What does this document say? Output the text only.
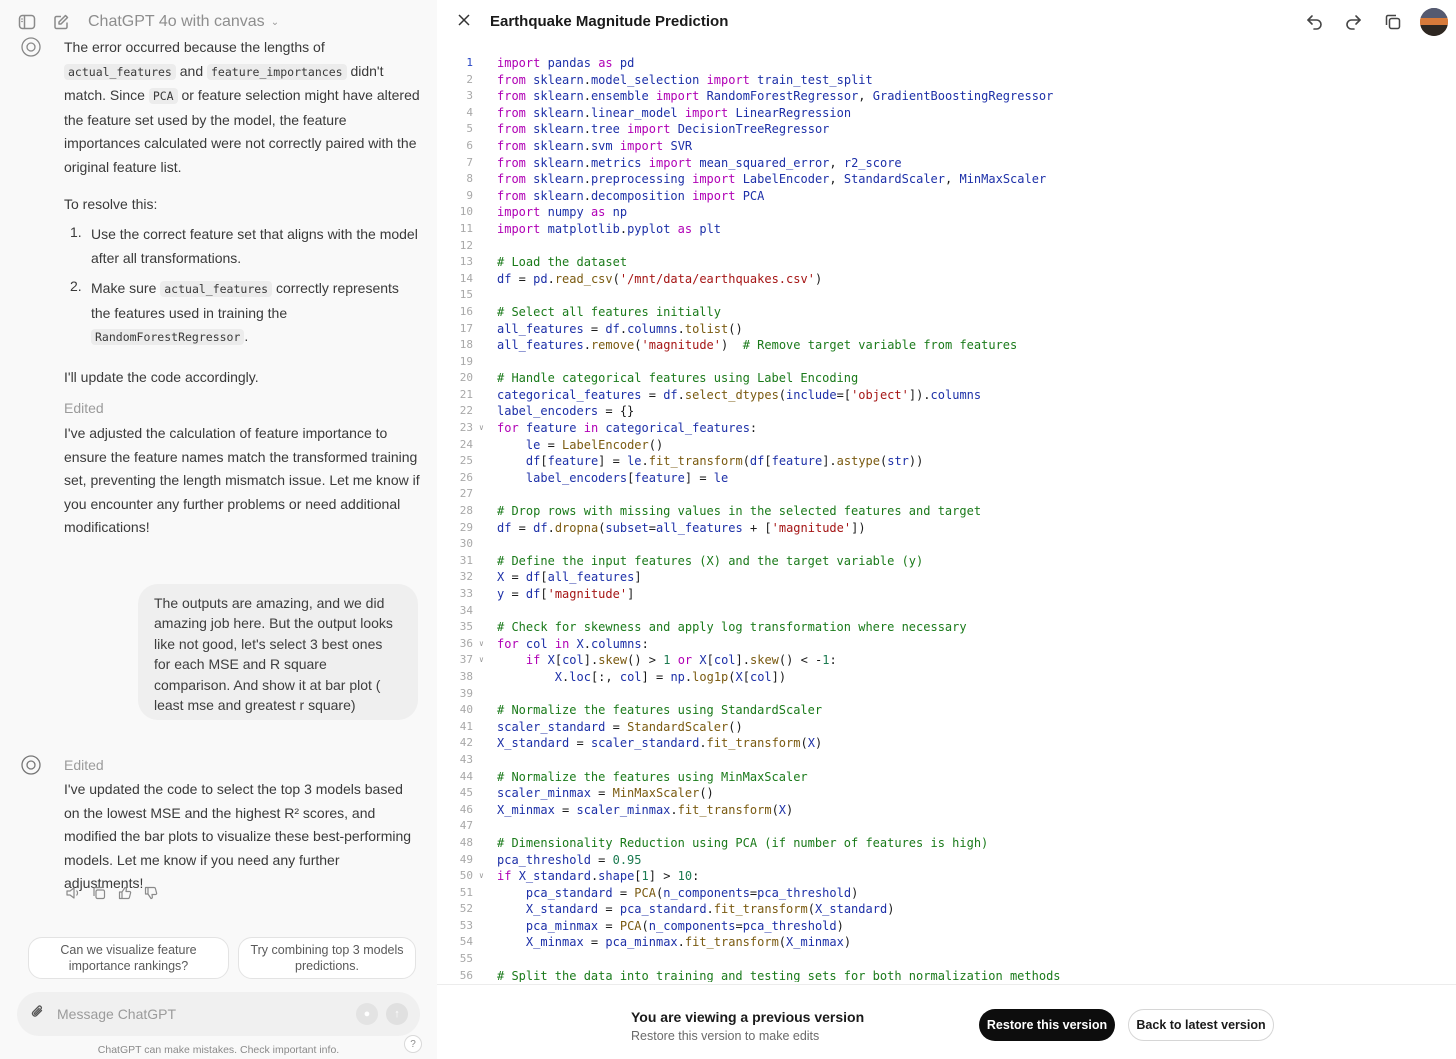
ChatGPT 4o with canvas ⌄
The error occurred because the lengths of
actual_features and feature_importances didn't
match. Since PCA or feature selection might have altered
the feature set used by the model, the feature
importances calculated were not correctly paired with the
original feature list.
To resolve this:
1. Use the correct feature set that aligns with the model
after all transformations.
2. Make sure actual_features correctly represents
the features used in training the
RandomForestRegressor .
I'll update the code accordingly.
Edited
I've adjusted the calculation of feature importance to ensure the feature names match the transformed training set, preventing the length mismatch issue. Let me know if you encounter any further problems or need additional modifications!
The outputs are amazing, and we did amazing job here. But the output looks like not good, let's select 3 best ones for each MSE and R square comparison. And show it at bar plot ( least mse and greatest r square)
Edited
I've updated the code to select the top 3 models based on the lowest MSE and the highest R² scores, and modified the bar plots to visualize these best-performing models. Let me know if you need any further adjustments!
Can we visualize feature importance rankings?
Try combining top 3 models predictions.
Message ChatGPT	●	↑
ChatGPT can make mistakes. Check important info.	?
Earthquake Magnitude Prediction
1 import pandas as pd
2 from sklearn.model_selection import train_test_split
3 from sklearn.ensemble import RandomForestRegressor, GradientBoostingRegressor
4 from sklearn.linear_model import LinearRegression
5 from sklearn.tree import DecisionTreeRegressor
6 from sklearn.svm import SVR
7 from sklearn.metrics import mean_squared_error, r2_score
8 from sklearn.preprocessing import LabelEncoder, StandardScaler, MinMaxScaler
9 from sklearn.decomposition import PCA
10 import numpy as np
11 import matplotlib.pyplot as plt
12
13 # Load the dataset
14 df = pd.read_csv('/mnt/data/earthquakes.csv')
15
16 # Select all features initially
17 all_features = df.columns.tolist()
18 all_features.remove('magnitude')  # Remove target variable from features
19
20 # Handle categorical features using Label Encoding
21 categorical_features = df.select_dtypes(include=['object']).columns
22 label_encoders = {}
23 ∨ for feature in categorical_features:
24	le = LabelEncoder()
25	df[feature] = le.fit_transform(df[feature].astype(str))
26	label_encoders[feature] = le
27
28 # Drop rows with missing values in the selected features and target
29 df = df.dropna(subset=all_features + ['magnitude'])
30
31 # Define the input features (X) and the target variable (y)
32 X = df[all_features]
33 y = df['magnitude']
34
35 # Check for skewness and apply log transformation where necessary
36 ∨ for col in X.columns:
37 ∨	if X[col].skew() > 1 or X[col].skew() < -1:
38	X.loc[:, col] = np.log1p(X[col])
39
40 # Normalize the features using StandardScaler
41 scaler_standard = StandardScaler()
42 X_standard = scaler_standard.fit_transform(X)
43
44 # Normalize the features using MinMaxScaler
45 scaler_minmax = MinMaxScaler()
46 X_minmax = scaler_minmax.fit_transform(X)
47
48 # Dimensionality Reduction using PCA (if number of features is high)
49 pca_threshold = 0.95
50 ∨ if X_standard.shape[1] > 10:
51	pca_standard = PCA(n_components=pca_threshold)
52	X_standard = pca_standard.fit_transform(X_standard)
53	pca_minmax = PCA(n_components=pca_threshold)
54	X_minmax = pca_minmax.fit_transform(X_minmax)
55
56 # Split the data into training and testing sets for both normalization methods
You are viewing a previous version
Restore this version to make edits
Restore this version	Back to latest version
